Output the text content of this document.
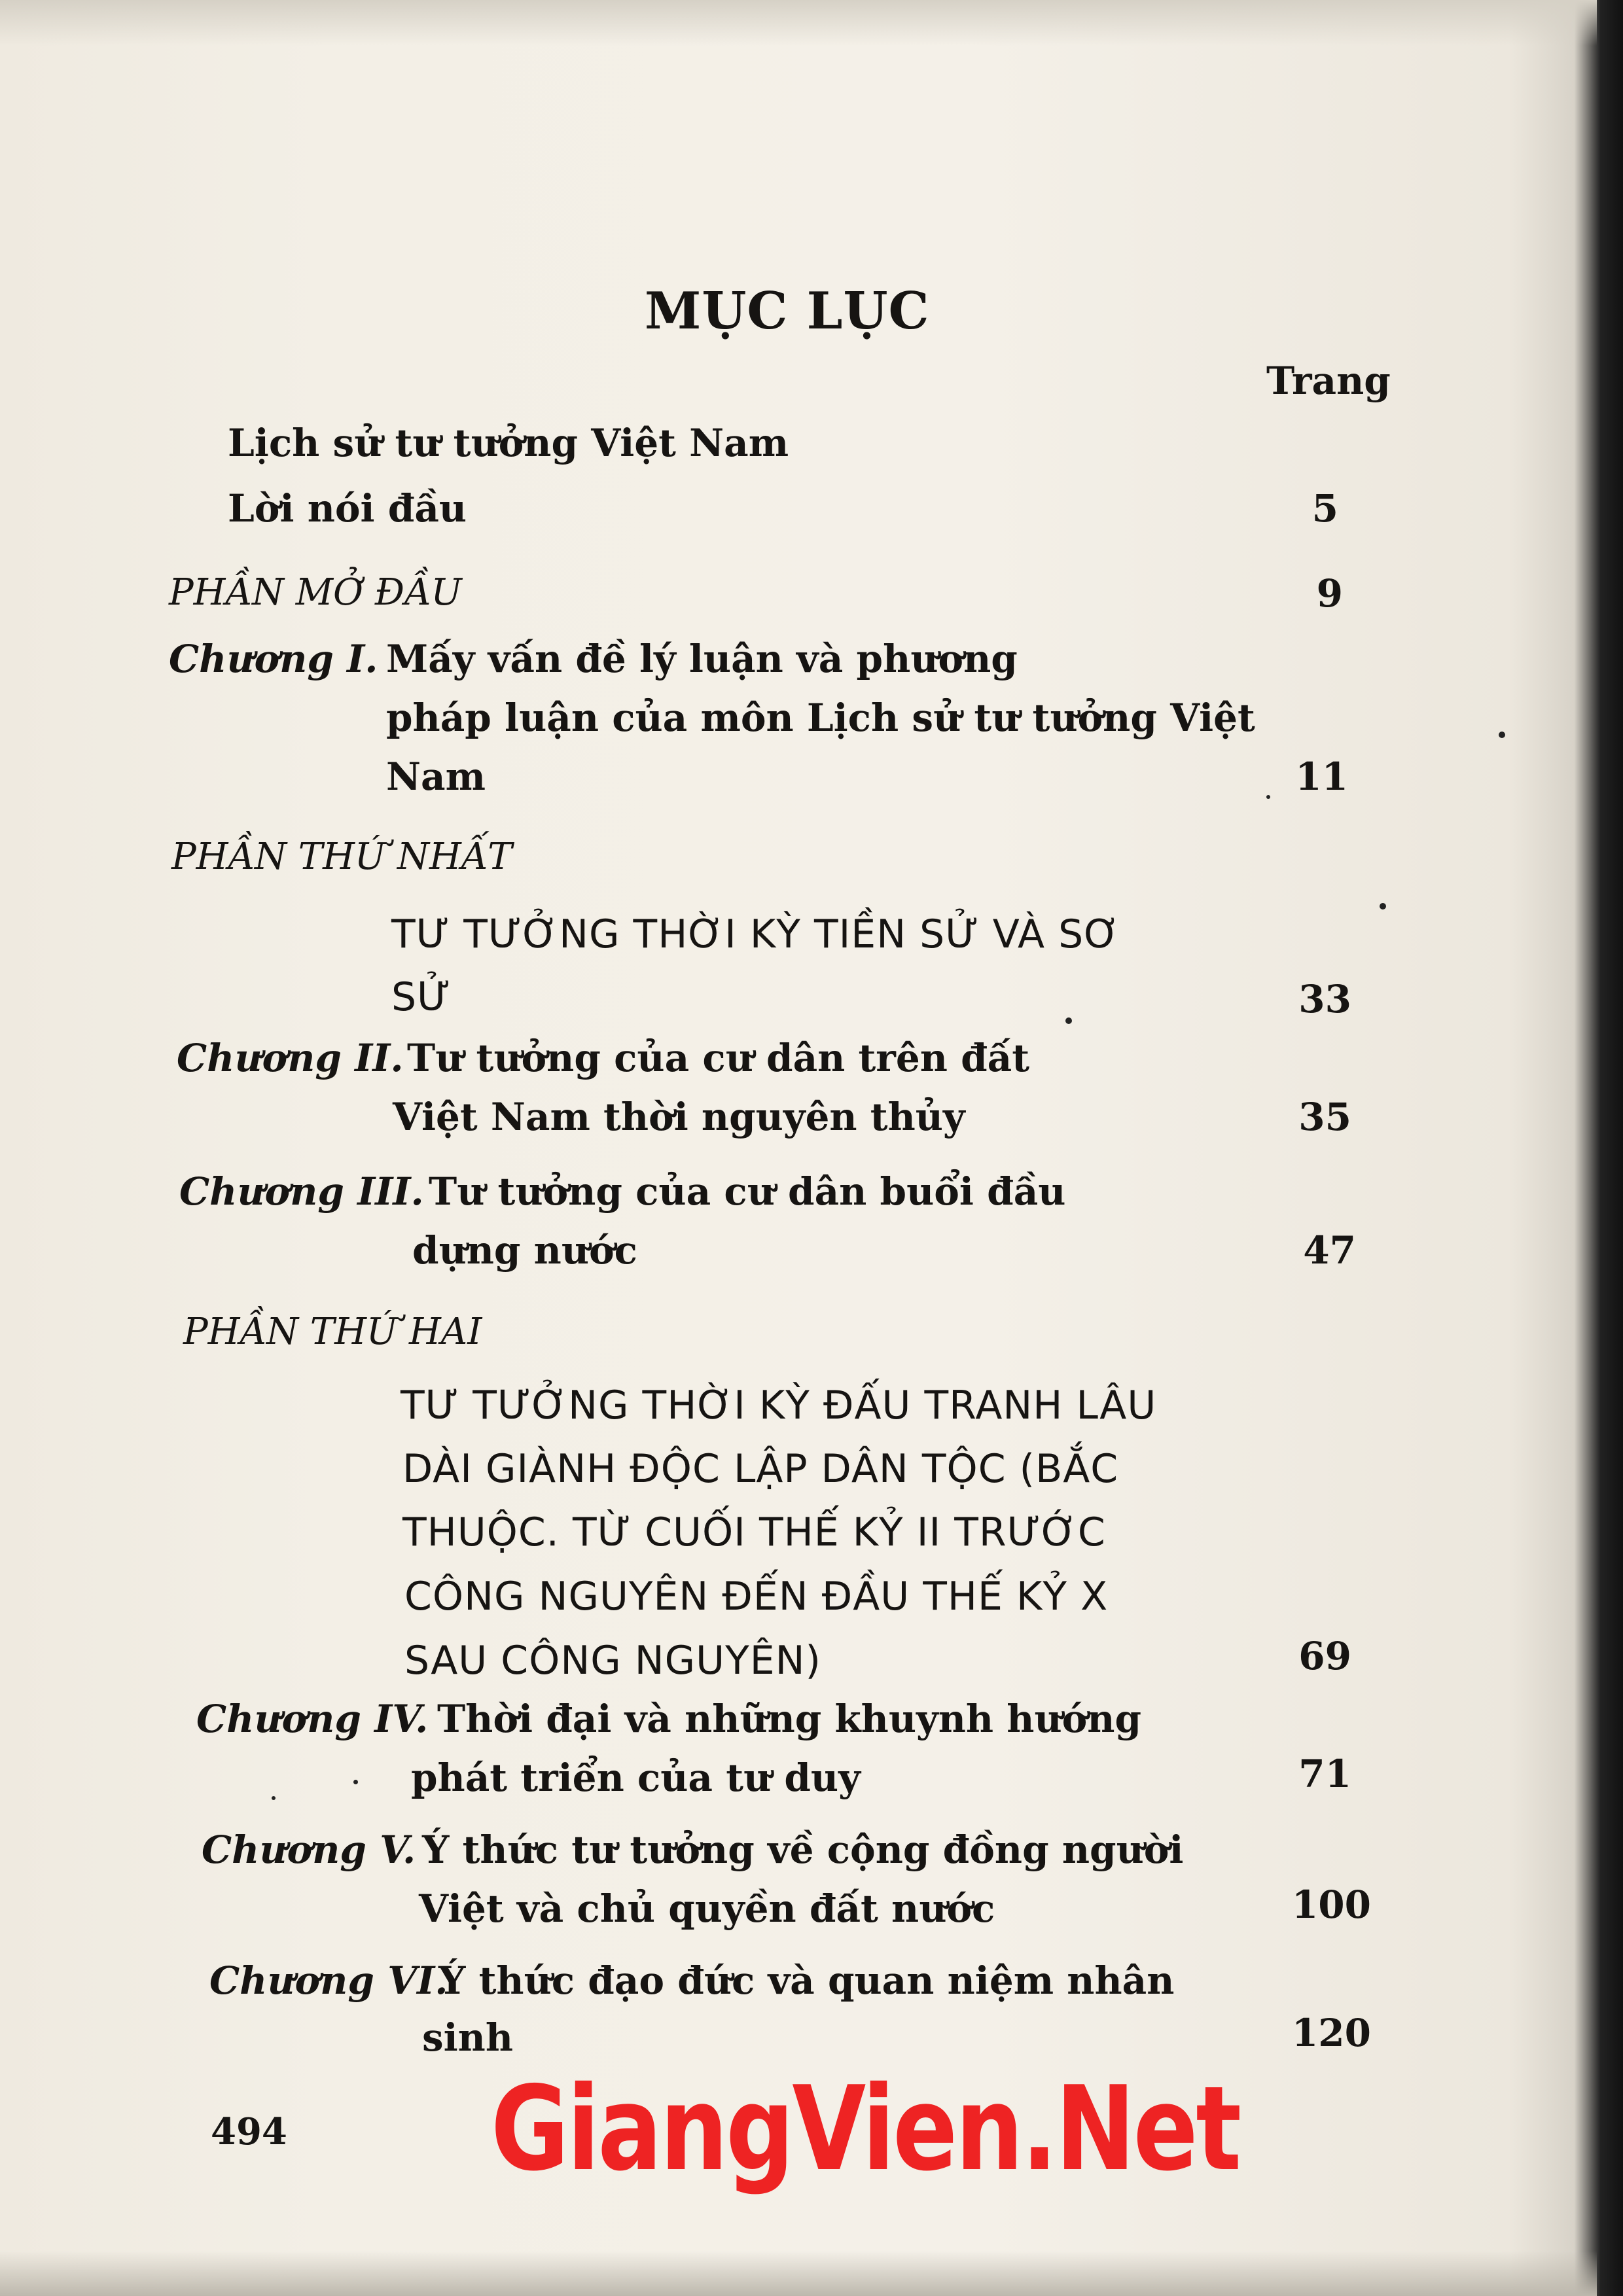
MỤC LỤC
Trang
Lịch sử tư tưởng Việt Nam
Lời nói đầu	5
PHẦN MỞ ĐẦU	9
Chương I. Mấy vấn đề lý luận và phương
pháp luận của môn Lịch sử tư tưởng Việt
Nam	11
PHẦN THỨ NHẤT
TƯ TƯỞNG THỜI KỲ TIỀN SỬ VÀ SƠ
SỬ	33
Chương II. Tư tưởng của cư dân trên đất
Việt Nam thời nguyên thủy	35
Chương III. Tư tưởng của cư dân buổi đầu
dựng nước	47
PHẦN THỨ HAI
TƯ TƯỞNG THỜI KỲ ĐẤU TRANH LÂU
DÀI GIÀNH ĐỘC LẬP DÂN TỘC (BẮC
THUỘC. TỪ CUỐI THẾ KỶ II TRƯỚC
CÔNG NGUYÊN ĐẾN ĐẦU THẾ KỶ X
SAU CÔNG NGUYÊN)	69
Chương IV. Thời đại và những khuynh hướng
phát triển của tư duy	71
Chương V. Ý thức tư tưởng về cộng đồng người
Việt và chủ quyền đất nước	100
Chương VI.
Ý thức đạo đức và quan niệm nhân
sinh	120
494 GiangVien.Net
